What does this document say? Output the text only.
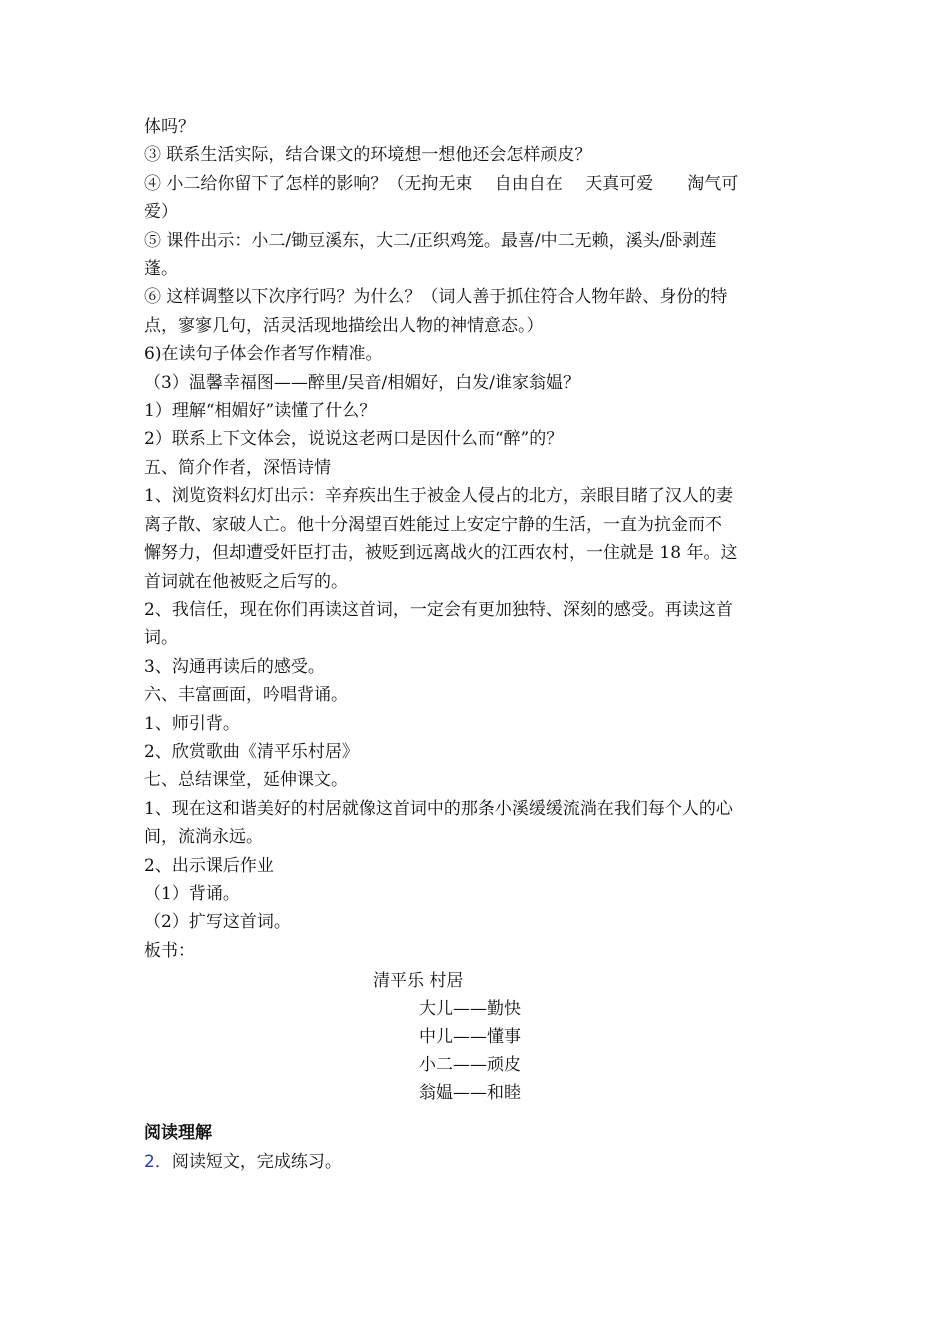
体吗？

③ 联系生活实际，结合课文的环境想一想他还会怎样顽皮？

④ 小二给你留下了怎样的影响？（无拘无束　 自由自在　 天真可爱　　淘气可

爱）

⑤ 课件出示：小二/锄豆溪东，大二/正织鸡笼。最喜/中二无赖，溪头/卧剥莲

蓬。

⑥ 这样调整以下次序行吗？为什么？（词人善于抓住符合人物年龄、身份的特

点，寥寥几句，活灵活现地描绘出人物的神情意态。）

6)在读句子体会作者写作精准。

（3）温馨幸福图——醉里/吴音/相媚好，白发/谁家翁媪？

1）理解“相媚好”读懂了什么？

2）联系上下文体会，说说这老两口是因什么而“醉”的？

五、简介作者，深悟诗情

1、浏览资料幻灯出示：辛弃疾出生于被金人侵占的北方，亲眼目睹了汉人的妻

离子散、家破人亡。他十分渴望百姓能过上安定宁静的生活，一直为抗金而不

懈努力，但却遭受奸臣打击，被贬到远离战火的江西农村，一住就是 18 年。这

首词就在他被贬之后写的。

2、我信任，现在你们再读这首词，一定会有更加独特、深刻的感受。再读这首

词。

3、沟通再读后的感受。

六、丰富画面，吟唱背诵。

1、师引背。

2、欣赏歌曲《清平乐村居》

七、总结课堂，延伸课文。

1、现在这和谐美好的村居就像这首词中的那条小溪缓缓流淌在我们每个人的心

间，流淌永远。

2、出示课后作业

（1）背诵。

（2）扩写这首词。

板书：

清平乐 村居
大儿——勤快
中儿——懂事
小二——顽皮
翁媪——和睦
阅读理解

2．阅读短文，完成练习。
